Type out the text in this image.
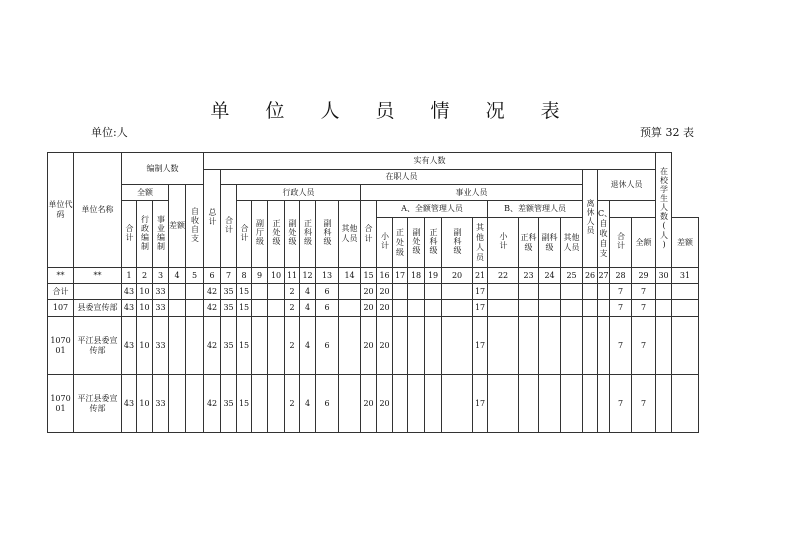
单 位 人 员 情 况 表
单位:人	预算 32 表
单位代码	单位名称	编制人数					实有人数																								在校学生人数(人)	
							总计	在职人员																			离休人员	退休人员				
		全额			差额	自收自支		合计	行政人员							事业人员																
		合计	行政编制	事业编制					合计	副厅级	正处级	副处级	正科级	副科级	其他人员	合计	A、全额管理人员						B、差额管理人员					C、自收自支				
																	小计	正处级	副处级	正科级	副科级	其他人员	小计	正科级	副科级	其他人员			合计	全额		差额
**	**	1	2	3	4	5	6	7	8	9	10	11	12	13	14	15	16	17	18	19	20	21	22	23	24	25	26	27	28	29	30	31
合计		43	10	33			42	35	15			2	4	6		20	20					17							7	7		
107	县委宣传部	43	10	33			42	35	15			2	4	6		20	20					17							7	7		
107001	平江县委宣传部	43	10	33			42	35	15			2	4	6		20	20					17							7	7		
107001	平江县委宣传部	43	10	33			42	35	15			2	4	6		20	20					17							7	7		
